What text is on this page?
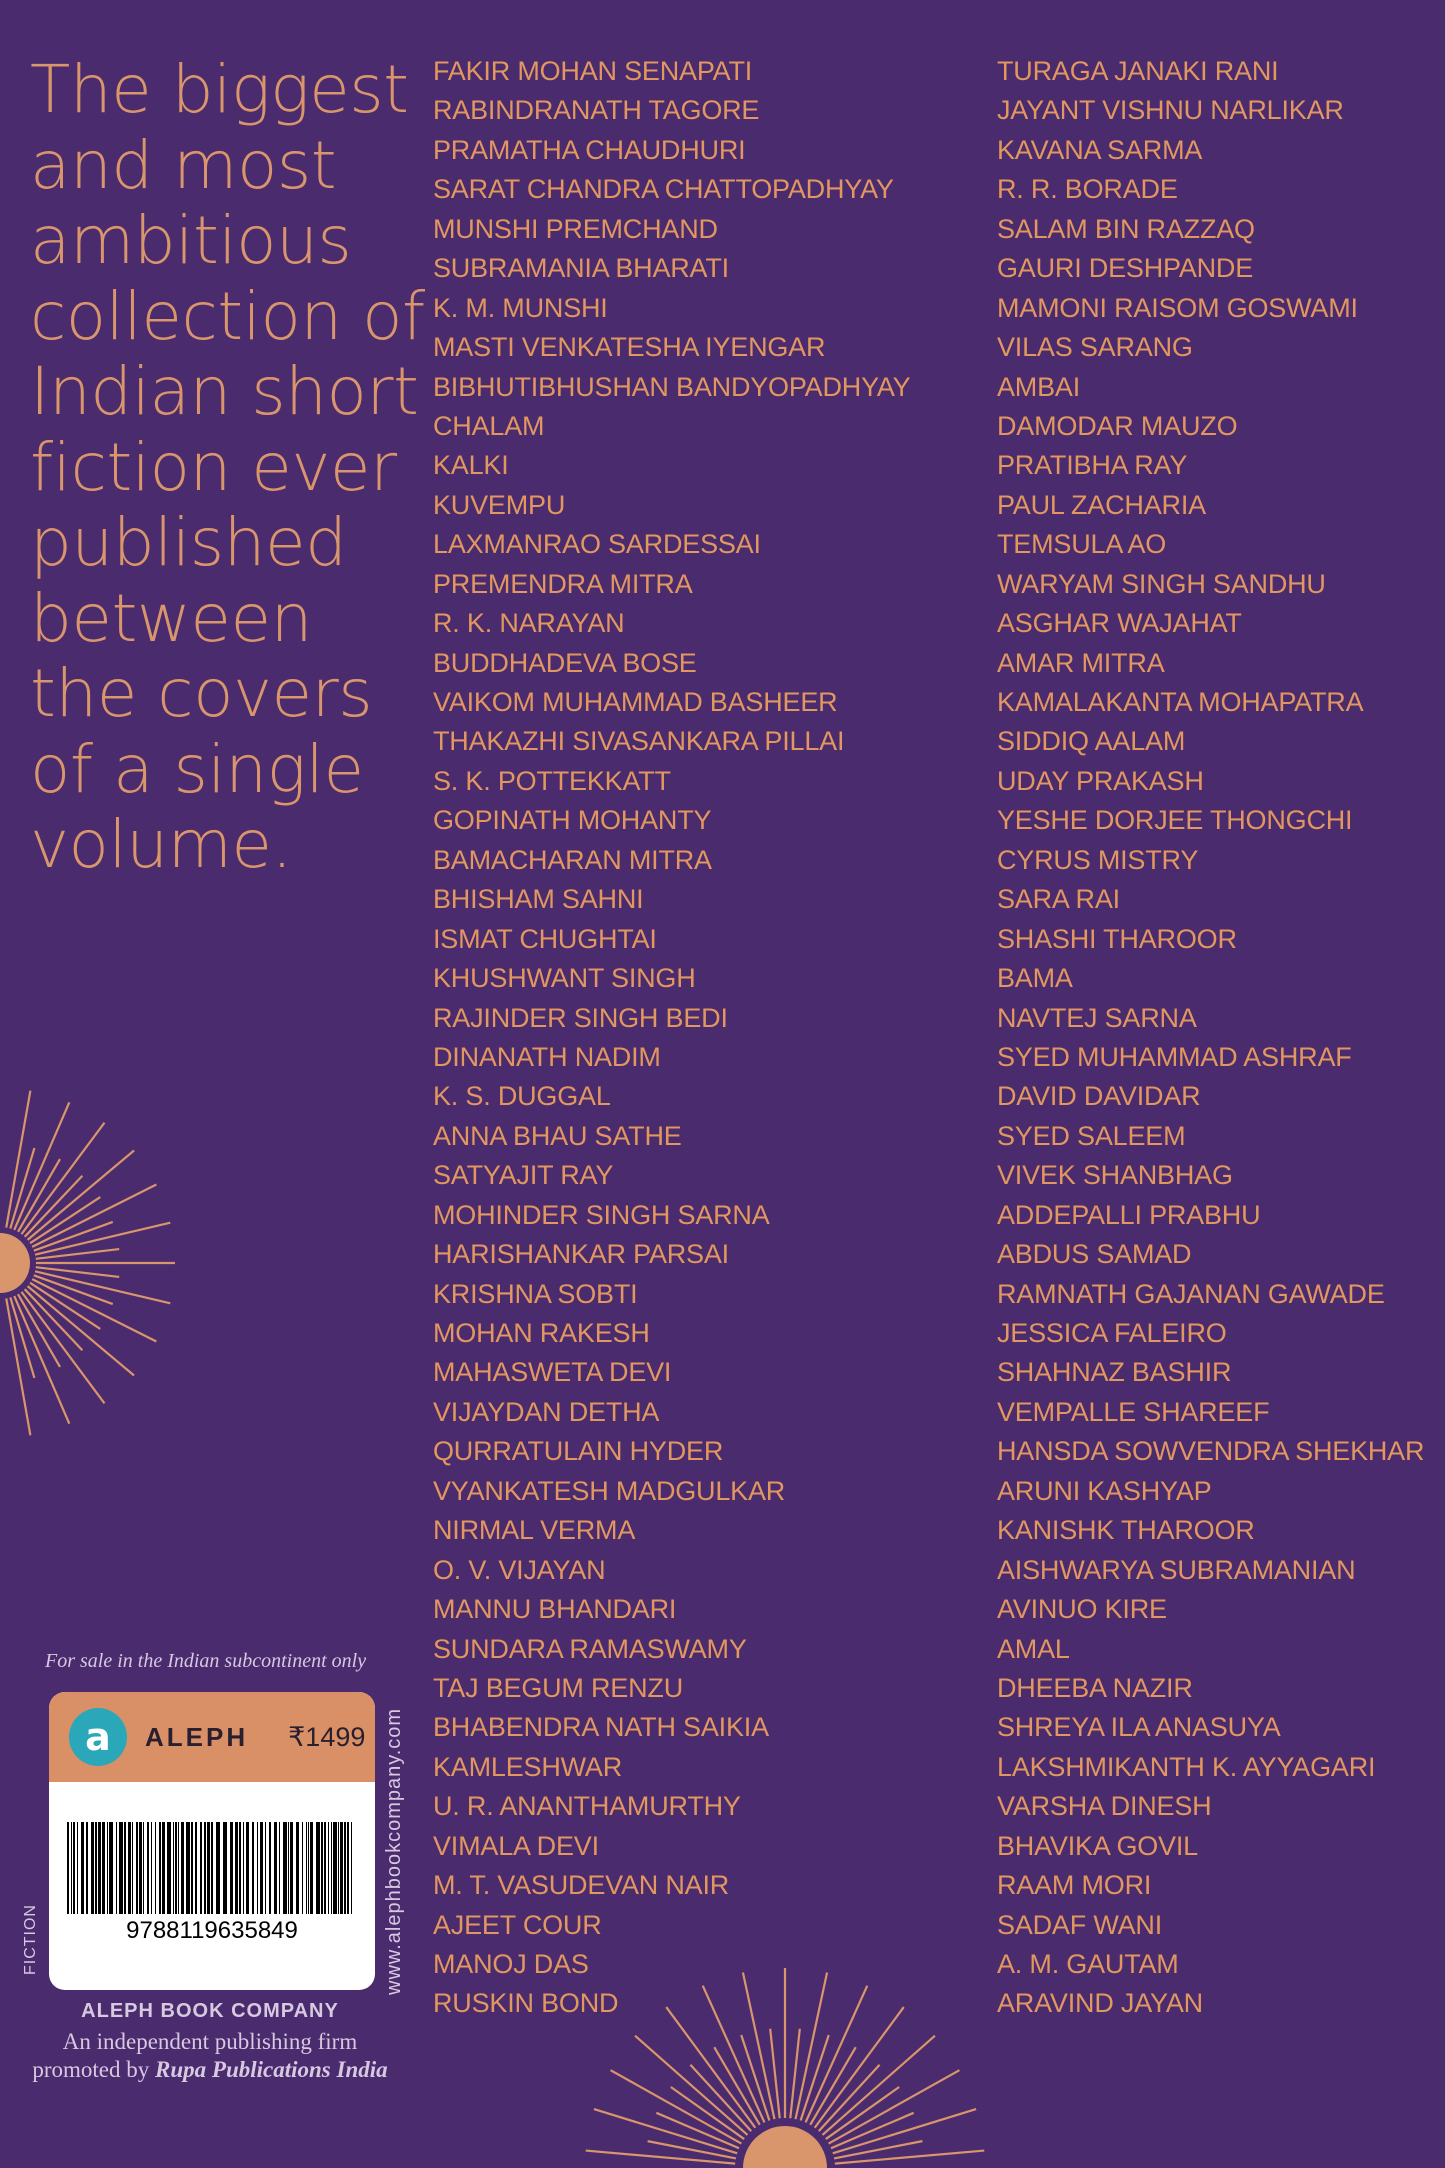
The biggest
and most
ambitious
collection of
Indian short
fiction ever
published
between
the covers
of a single
volume.
FAKIR MOHAN SENAPATI
RABINDRANATH TAGORE
PRAMATHA CHAUDHURI
SARAT CHANDRA CHATTOPADHYAY
MUNSHI PREMCHAND
SUBRAMANIA BHARATI
K. M. MUNSHI
MASTI VENKATESHA IYENGAR
BIBHUTIBHUSHAN BANDYOPADHYAY
CHALAM
KALKI
KUVEMPU
LAXMANRAO SARDESSAI
PREMENDRA MITRA
R. K. NARAYAN
BUDDHADEVA BOSE
VAIKOM MUHAMMAD BASHEER
THAKAZHI SIVASANKARA PILLAI
S. K. POTTEKKATT
GOPINATH MOHANTY
BAMACHARAN MITRA
BHISHAM SAHNI
ISMAT CHUGHTAI
KHUSHWANT SINGH
RAJINDER SINGH BEDI
DINANATH NADIM
K. S. DUGGAL
ANNA BHAU SATHE
SATYAJIT RAY
MOHINDER SINGH SARNA
HARISHANKAR PARSAI
KRISHNA SOBTI
MOHAN RAKESH
MAHASWETA DEVI
VIJAYDAN DETHA
QURRATULAIN HYDER
VYANKATESH MADGULKAR
NIRMAL VERMA
O. V. VIJAYAN
MANNU BHANDARI
SUNDARA RAMASWAMY
TAJ BEGUM RENZU
BHABENDRA NATH SAIKIA
KAMLESHWAR
U. R. ANANTHAMURTHY
VIMALA DEVI
M. T. VASUDEVAN NAIR
AJEET COUR
MANOJ DAS
RUSKIN BOND
TURAGA JANAKI RANI
JAYANT VISHNU NARLIKAR
KAVANA SARMA
R. R. BORADE
SALAM BIN RAZZAQ
GAURI DESHPANDE
MAMONI RAISOM GOSWAMI
VILAS SARANG
AMBAI
DAMODAR MAUZO
PRATIBHA RAY
PAUL ZACHARIA
TEMSULA AO
WARYAM SINGH SANDHU
ASGHAR WAJAHAT
AMAR MITRA
KAMALAKANTA MOHAPATRA
SIDDIQ AALAM
UDAY PRAKASH
YESHE DORJEE THONGCHI
CYRUS MISTRY
SARA RAI
SHASHI THAROOR
BAMA
NAVTEJ SARNA
SYED MUHAMMAD ASHRAF
DAVID DAVIDAR
SYED SALEEM
VIVEK SHANBHAG
ADDEPALLI PRABHU
ABDUS SAMAD
RAMNATH GAJANAN GAWADE
JESSICA FALEIRO
SHAHNAZ BASHIR
VEMPALLE SHAREEF
HANSDA SOWVENDRA SHEKHAR
ARUNI KASHYAP
KANISHK THAROOR
AISHWARYA SUBRAMANIAN
AVINUO KIRE
AMAL
DHEEBA NAZIR
SHREYA ILA ANASUYA
LAKSHMIKANTH K. AYYAGARI
VARSHA DINESH
BHAVIKA GOVIL
RAAM MORI
SADAF WANI
A. M. GAUTAM
ARAVIND JAYAN
For sale in the Indian subcontinent only
a ALEPH ₹1499
9788119635849	www.alephbookcompany.com
FICTION
ALEPH BOOK COMPANY
An independent publishing firm
promoted by Rupa Publications India
